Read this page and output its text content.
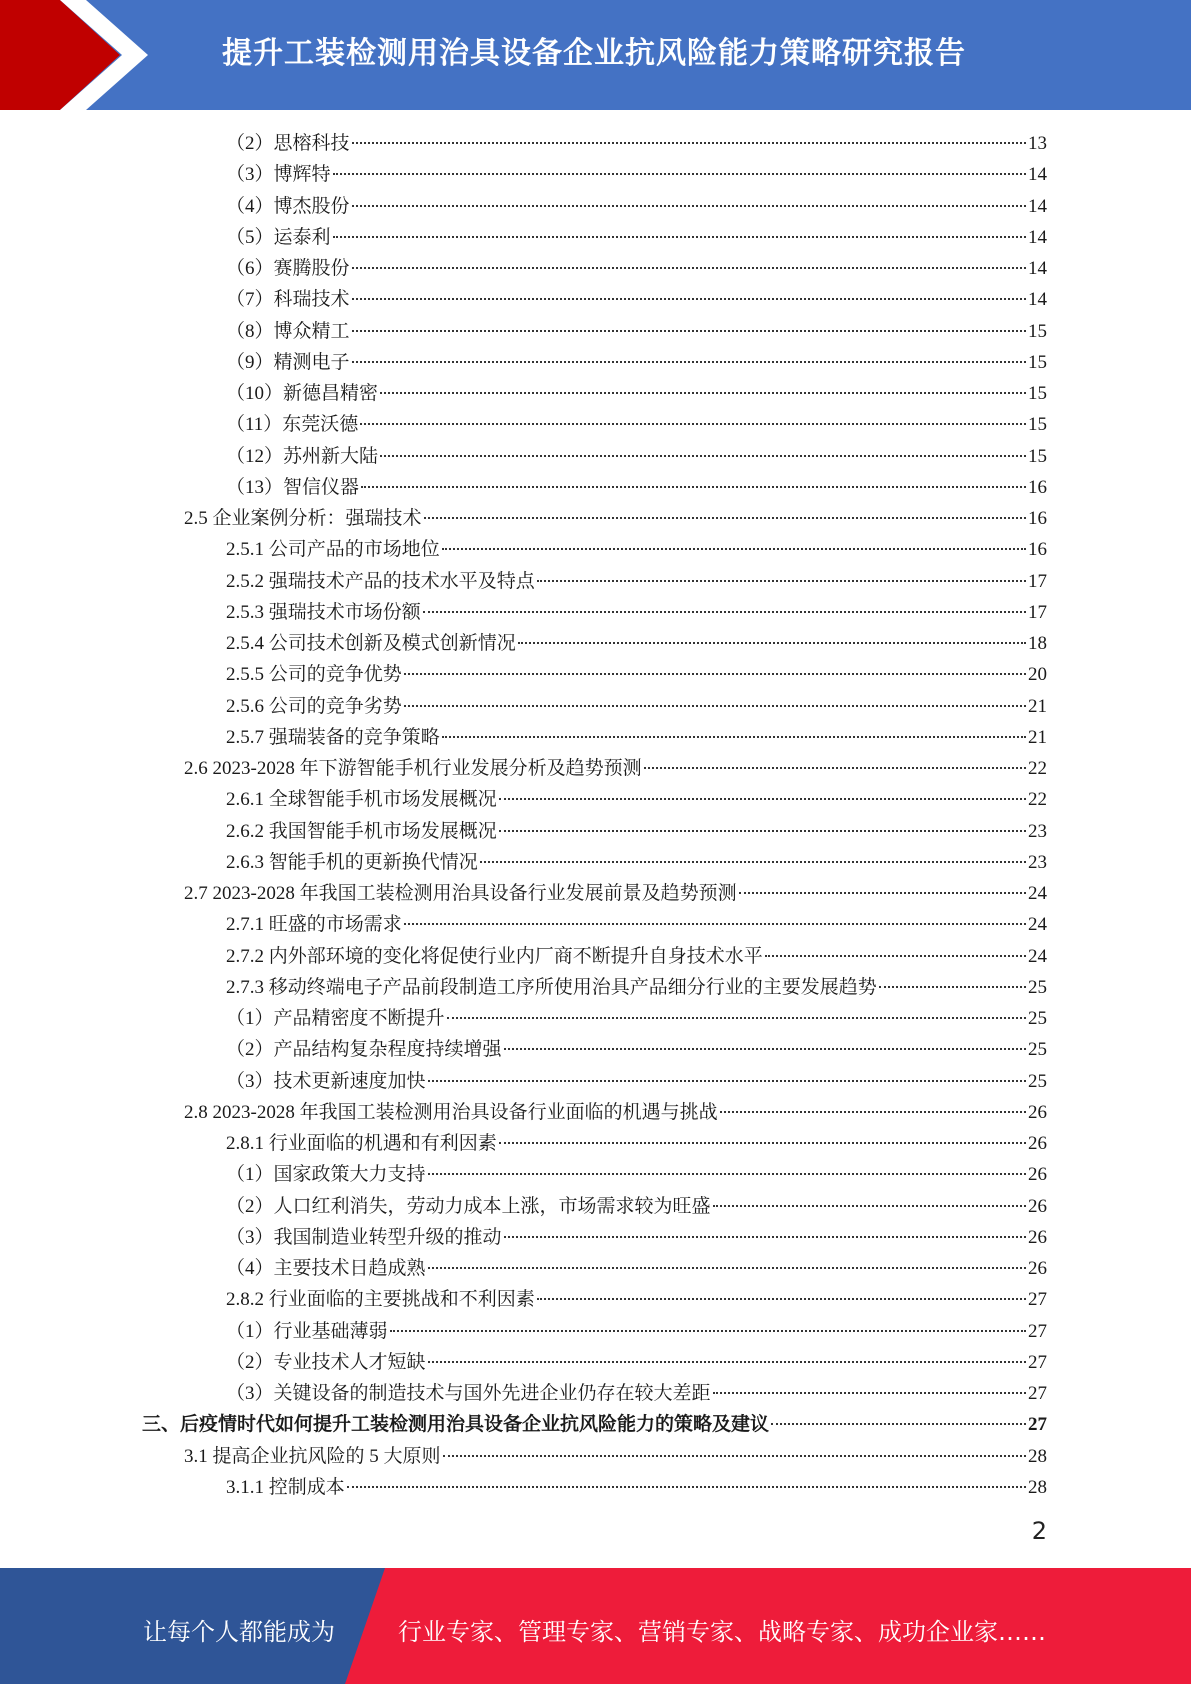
提升工装检测用治具设备企业抗风险能力策略研究报告
（2）思榕科技	13
（3）博辉特	14
（4）博杰股份	14
（5）运泰利	14
（6）赛腾股份	14
（7）科瑞技术	14
（8）博众精工	15
（9）精测电子	15
（10）新德昌精密	15
（11）东莞沃德	15
（12）苏州新大陆	15
（13）智信仪器	16
2.5 企业案例分析：强瑞技术	16
2.5.1 公司产品的市场地位	16
2.5.2 强瑞技术产品的技术水平及特点	17
2.5.3 强瑞技术市场份额	17
2.5.4 公司技术创新及模式创新情况	18
2.5.5 公司的竞争优势	20
2.5.6 公司的竞争劣势	21
2.5.7 强瑞装备的竞争策略	21
2.6 2023-2028 年下游智能手机行业发展分析及趋势预测	22
2.6.1 全球智能手机市场发展概况	22
2.6.2 我国智能手机市场发展概况	23
2.6.3 智能手机的更新换代情况	23
2.7 2023-2028 年我国工装检测用治具设备行业发展前景及趋势预测	24
2.7.1 旺盛的市场需求	24
2.7.2 内外部环境的变化将促使行业内厂商不断提升自身技术水平	24
2.7.3 移动终端电子产品前段制造工序所使用治具产品细分行业的主要发展趋势	25
（1）产品精密度不断提升	25
（2）产品结构复杂程度持续增强	25
（3）技术更新速度加快	25
2.8 2023-2028 年我国工装检测用治具设备行业面临的机遇与挑战	26
2.8.1 行业面临的机遇和有利因素	26
（1）国家政策大力支持	26
（2）人口红利消失，劳动力成本上涨，市场需求较为旺盛	26
（3）我国制造业转型升级的推动	26
（4）主要技术日趋成熟	26
2.8.2 行业面临的主要挑战和不利因素	27
（1）行业基础薄弱	27
（2）专业技术人才短缺	27
（3）关键设备的制造技术与国外先进企业仍存在较大差距	27
三、后疫情时代如何提升工装检测用治具设备企业抗风险能力的策略及建议	27
3.1 提高企业抗风险的 5 大原则	28
3.1.1 控制成本	28
2
让每个人都能成为	行业专家、管理专家、营销专家、战略专家、成功企业家……
